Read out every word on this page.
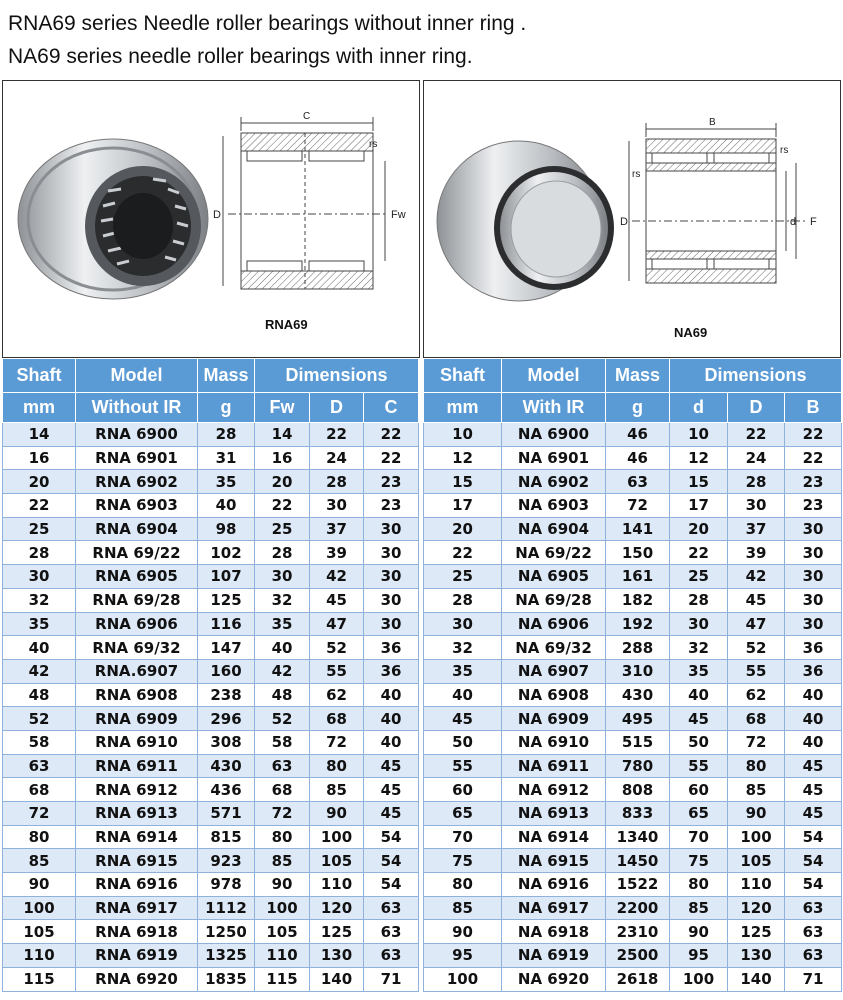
RNA69 series Needle roller bearings without inner ring .
NA69 series needle roller bearings with inner ring.
C
rs
D	Fw
RNA69
B
rs
rs
D	d F
NA69
Shaft	Model	Mass	Dimensions		
mm	Without IR	g	Fw	D	C
14	RNA 6900	28	14	22	22
16	RNA 6901	31	16	24	22
20	RNA 6902	35	20	28	23
22	RNA 6903	40	22	30	23
25	RNA 6904	98	25	37	30
28	RNA 69/22	102	28	39	30
30	RNA 6905	107	30	42	30
32	RNA 69/28	125	32	45	30
35	RNA 6906	116	35	47	30
40	RNA 69/32	147	40	52	36
42	RNA.6907	160	42	55	36
48	RNA 6908	238	48	62	40
52	RNA 6909	296	52	68	40
58	RNA 6910	308	58	72	40
63	RNA 6911	430	63	80	45
68	RNA 6912	436	68	85	45
72	RNA 6913	571	72	90	45
80	RNA 6914	815	80	100	54
85	RNA 6915	923	85	105	54
90	RNA 6916	978	90	110	54
100	RNA 6917	1112	100	120	63
105	RNA 6918	1250	105	125	63
110	RNA 6919	1325	110	130	63
115	RNA 6920	1835	115	140	71
Shaft	Model	Mass	Dimensions		
mm	With IR	g	d	D	B
10	NA 6900	46	10	22	22
12	NA 6901	46	12	24	22
15	NA 6902	63	15	28	23
17	NA 6903	72	17	30	23
20	NA 6904	141	20	37	30
22	NA 69/22	150	22	39	30
25	NA 6905	161	25	42	30
28	NA 69/28	182	28	45	30
30	NA 6906	192	30	47	30
32	NA 69/32	288	32	52	36
35	NA 6907	310	35	55	36
40	NA 6908	430	40	62	40
45	NA 6909	495	45	68	40
50	NA 6910	515	50	72	40
55	NA 6911	780	55	80	45
60	NA 6912	808	60	85	45
65	NA 6913	833	65	90	45
70	NA 6914	1340	70	100	54
75	NA 6915	1450	75	105	54
80	NA 6916	1522	80	110	54
85	NA 6917	2200	85	120	63
90	NA 6918	2310	90	125	63
95	NA 6919	2500	95	130	63
100	NA 6920	2618	100	140	71
